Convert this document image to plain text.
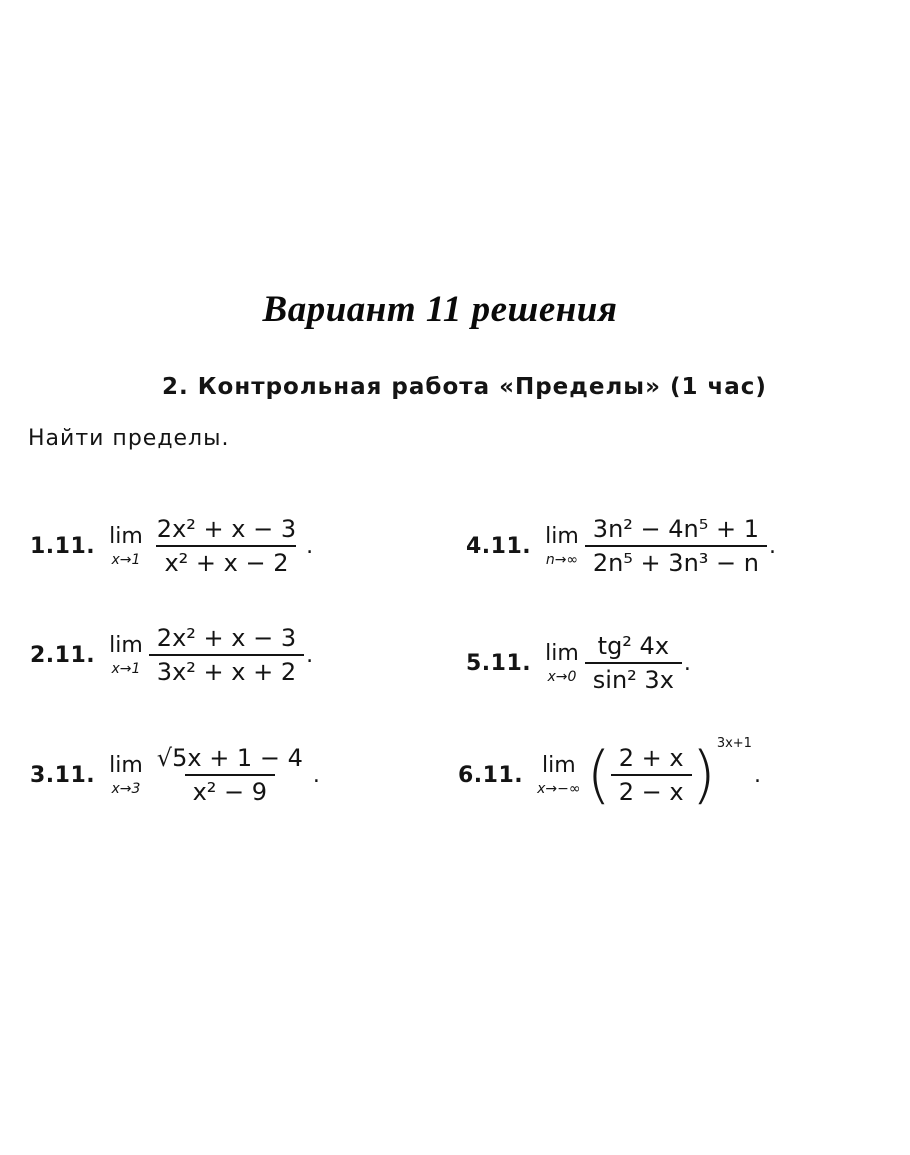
Вариант 11 решения
2. Контрольная работа «Пределы» (1 час)
Найти пределы.
1.11. lim
$x\to 1 \frac{\text{2x² + x − 3}}{\text{x² + x − 2}}$ .
2.11. lim
$x\to 1 \frac{\text{2x² + x − 3}}{\text{3x² + x + 2}}$ .
3.11. lim
$x\to 3 \frac{√5x + 1 - 4}{\text{x² − 9}}$ .
4.11. lim
$n\to\infty \frac{\text{3n² − 4n⁵ + 1}}{\text{2n⁵ + 3n³ − n}}$ .
5.11. lim
$x\to 0 \frac{\text{tg² 4x}}{\text{sin² 3x}}$ .
6.11. lim
x→−∞ ( $\frac{2 + x}{2 - x}$ ) 3x+1
.
